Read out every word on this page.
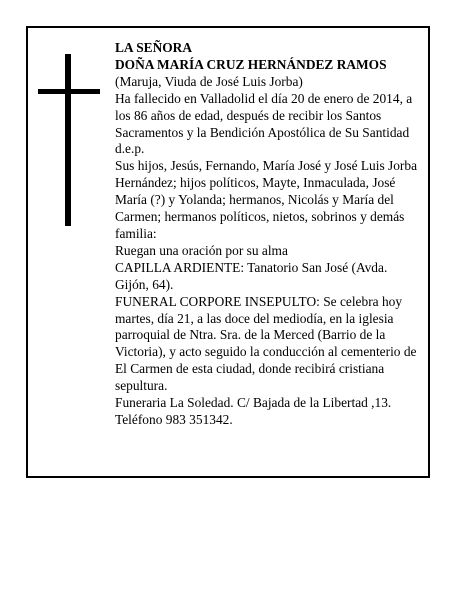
LA SEÑORA

DOÑA MARÍA CRUZ HERNÁNDEZ RAMOS

(Maruja, Viuda de José Luis Jorba)

Ha fallecido en Valladolid el día 20 de enero de 2014, a los 86 años de edad, después de recibir los Santos Sacramentos y la Bendición Apostólica de Su Santidad

d.e.p.

Sus hijos, Jesús, Fernando, María José y José Luis Jorba Hernández; hijos políticos, Mayte, Inmaculada, José María (?) y Yolanda; hermanos, Nicolás y María del Carmen; hermanos políticos, nietos, sobrinos y demás familia:

Ruegan una oración por su alma

CAPILLA ARDIENTE: Tanatorio San José (Avda. Gijón, 64).

FUNERAL CORPORE INSEPULTO: Se celebra hoy martes, día 21, a las doce del mediodía, en la iglesia parroquial de Ntra. Sra. de la Merced (Barrio de la Victoria), y acto seguido la conducción al cementerio de El Carmen de esta ciudad, donde recibirá cristiana sepultura.

Funeraria La Soledad. C/ Bajada de la Libertad ,13. Teléfono 983 351342.
